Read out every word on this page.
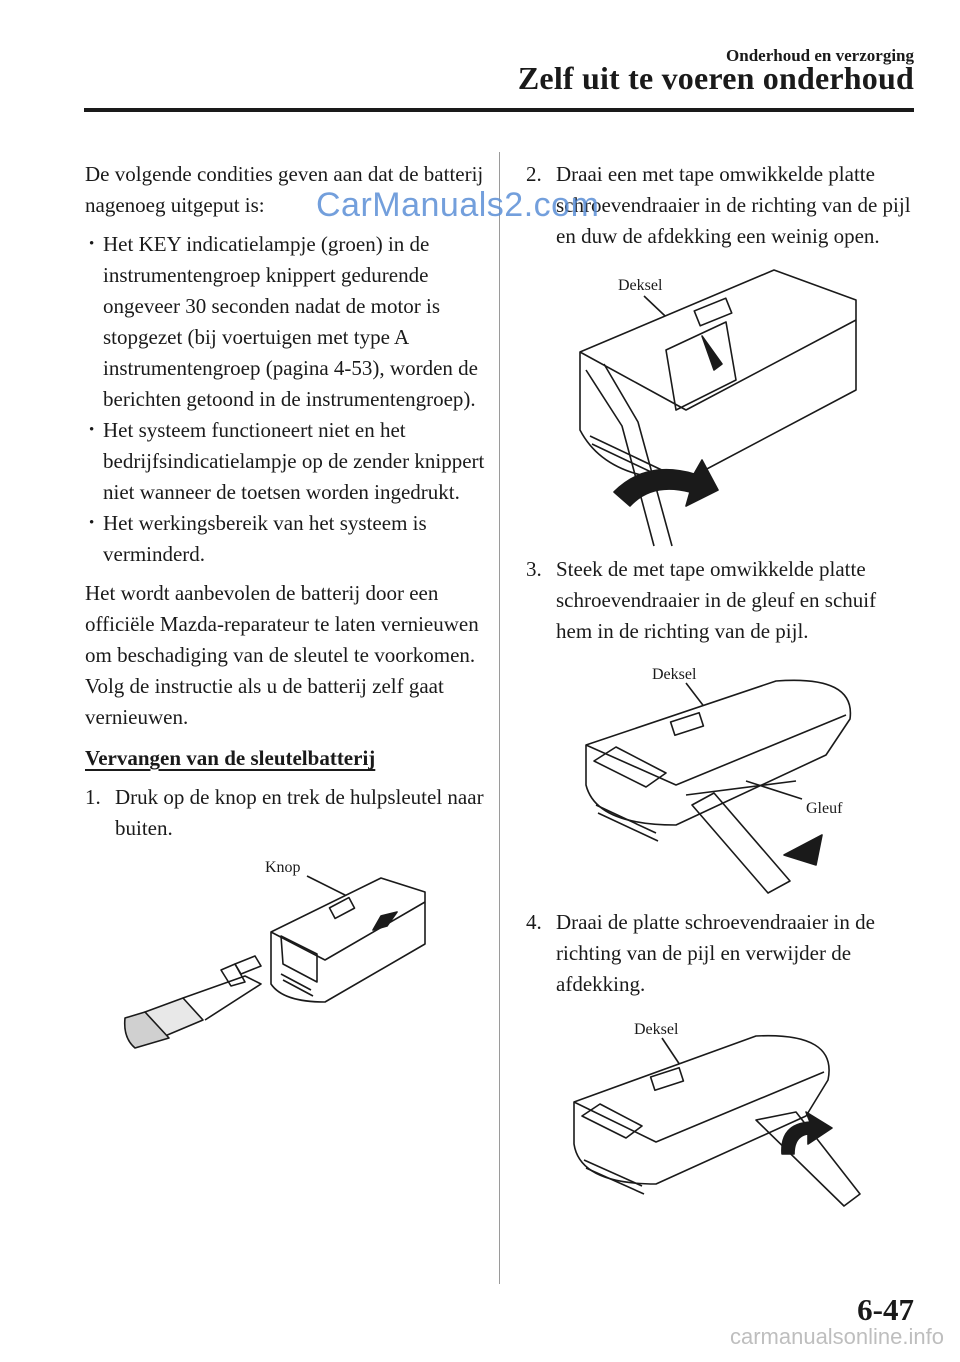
Onderhoud en verzorging
Zelf uit te voeren onderhoud

De volgende condities geven aan dat de batterij nagenoeg uitgeput is:

• Het KEY indicatielampje (groen) in de instrumentengroep knippert gedurende ongeveer 30 seconden nadat de motor is stopgezet (bij voertuigen met type A instrumentengroep (pagina 4-53), worden de berichten getoond in de instrumentengroep).
• Het systeem functioneert niet en het bedrijfsindicatielampje op de zender knippert niet wanneer de toetsen worden ingedrukt.
• Het werkingsbereik van het systeem is verminderd.

Het wordt aanbevolen de batterij door een officiële Mazda-reparateur te laten vernieuwen om beschadiging van de sleutel te voorkomen. Volg de instructie als u de batterij zelf gaat vernieuwen.

Vervangen van de sleutelbatterij

1. Druk op de knop en trek de hulpsleutel naar buiten.
Knop
2. Draai een met tape omwikkelde platte schroevendraaier in de richting van de pijl en duw de afdekking een weinig open.
Deksel
3. Steek de met tape omwikkelde platte schroevendraaier in de gleuf en schuif hem in de richting van de pijl.
Deksel
Gleuf
4. Draai de platte schroevendraaier in de richting van de pijl en verwijder de afdekking.
Deksel
CarManuals2.com
6-47
carmanualsonline.info
